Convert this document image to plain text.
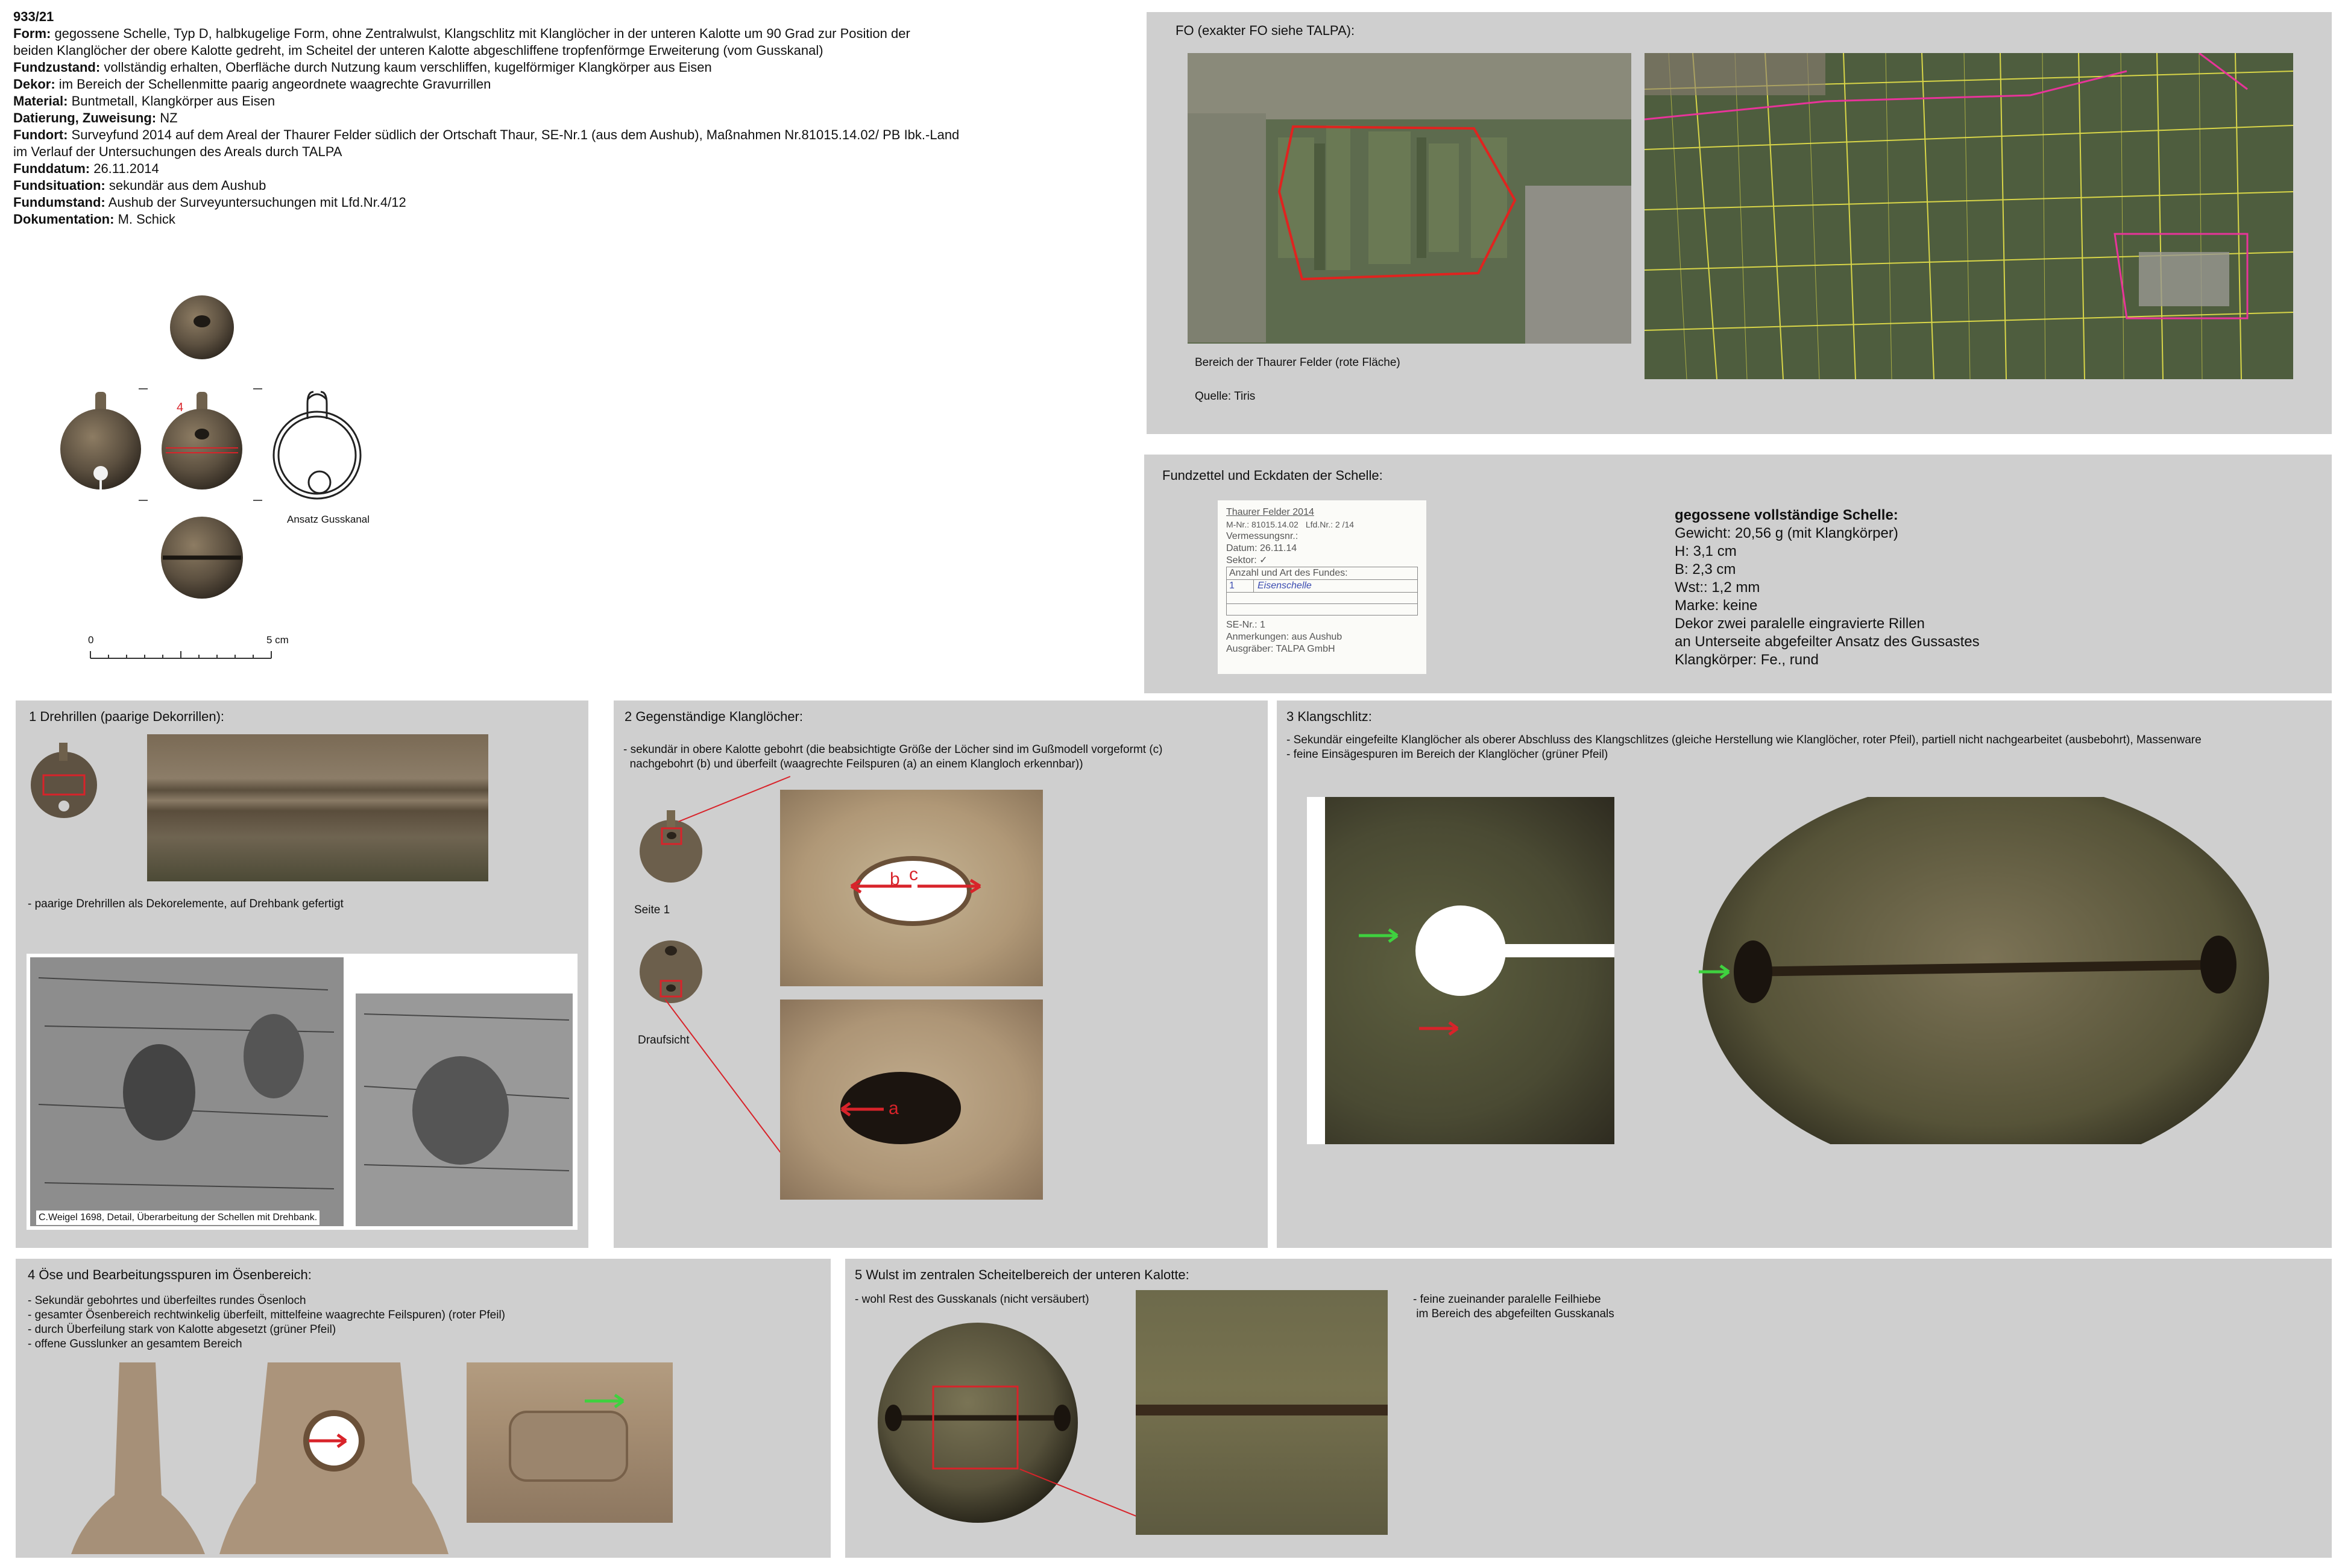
933/21
Form: gegossene Schelle, Typ D, halbkugelige Form, ohne Zentralwulst, Klangschlitz mit Klanglöcher in der unteren Kalotte um 90 Grad zur Position der
beiden Klanglöcher der obere Kalotte gedreht, im Scheitel der unteren Kalotte abgeschliffene tropfenförmge Erweiterung (vom Gusskanal)
Fundzustand: vollständig erhalten, Oberfläche durch Nutzung kaum verschliffen, kugelförmiger Klangkörper aus Eisen
Dekor: im Bereich der Schellenmitte paarig angeordnete waagrechte Gravurrillen
Material: Buntmetall, Klangkörper aus Eisen
Datierung, Zuweisung: NZ
Fundort: Surveyfund 2014 auf dem Areal der Thaurer Felder südlich der Ortschaft Thaur, SE-Nr.1 (aus dem Aushub), Maßnahmen Nr.81015.14.02/ PB Ibk.-Land
im Verlauf der Untersuchungen des Areals durch TALPA
Funddatum: 26.11.2014
Fundsituation: sekundär aus dem Aushub
Fundumstand: Aushub der Surveyuntersuchungen mit Lfd.Nr.4/12
Dokumentation: M. Schick
4
Ansatz Gusskanal
0	5 cm
FO (exakter FO siehe TALPA):
Bereich der Thaurer Felder (rote Fläche)
Quelle: Tiris
Fundzettel und Eckdaten der Schelle:
Thaurer Felder 2014
M-Nr.: 81015.14.02 Lfd.Nr.: 2 /14
Vermessungsnr.:
Datum: 26.11.14
Sektor: ✓
Anzahl und Art des Fundes:
1	Eisenschelle
SE-Nr.: 1
Anmerkungen: aus Aushub
Ausgräber: TALPA GmbH
gegossene vollständige Schelle:
Gewicht: 20,56 g (mit Klangkörper)
H: 3,1 cm
B: 2,3 cm
Wst:: 1,2 mm
Marke: keine
Dekor zwei paralelle eingravierte Rillen
an Unterseite abgefeilter Ansatz des Gussastes
Klangkörper: Fe., rund
1 Drehrillen (paarige Dekorrillen):
- paarige Drehrillen als Dekorelemente, auf Drehbank gefertigt
C.Weigel 1698, Detail, Überarbeitung der Schellen mit Drehbank.
2 Gegenständige Klanglöcher:
- sekundär in obere Kalotte gebohrt (die beabsichtigte Größe der Löcher sind im Gußmodell vorgeformt (c)
nachgebohrt (b) und überfeilt (waagrechte Feilspuren (a) an einem Klangloch erkennbar))
Seite 1
Draufsicht
b c
a
3 Klangschlitz:
- Sekundär eingefeilte Klanglöcher als oberer Abschluss des Klangschlitzes (gleiche Herstellung wie Klanglöcher, roter Pfeil), partiell nicht nachgearbeitet (ausbebohrt), Massenware
- feine Einsägespuren im Bereich der Klanglöcher (grüner Pfeil)
4 Öse und Bearbeitungsspuren im Ösenbereich:
- Sekundär gebohrtes und überfeiltes rundes Ösenloch
- gesamter Ösenbereich rechtwinkelig überfeilt, mittelfeine waagrechte Feilspuren) (roter Pfeil)
- durch Überfeilung stark von Kalotte abgesetzt (grüner Pfeil)
- offene Gusslunker an gesamtem Bereich
5 Wulst im zentralen Scheitelbereich der unteren Kalotte:
- wohl Rest des Gusskanals (nicht versäubert)	- feine zueinander paralelle Feilhiebe
im Bereich des abgefeilten Gusskanals
